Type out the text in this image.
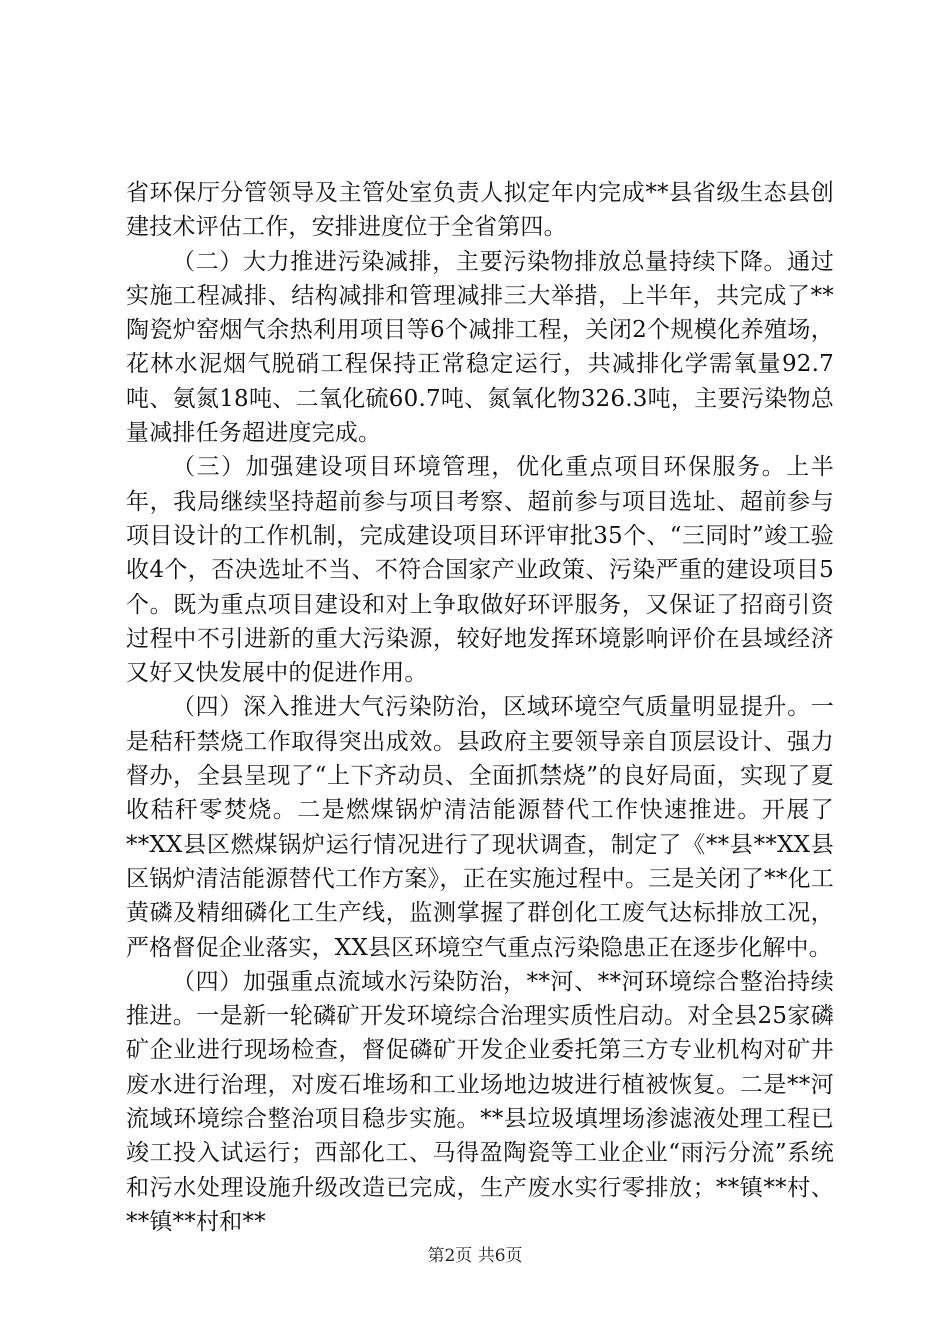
省环保厅分管领导及主管处室负责人拟定年内完成**县省级生态县创建技术评估工作，安排进度位于全省第四。

（二）大力推进污染减排，主要污染物排放总量持续下降。通过实施工程减排、结构减排和管理减排三大举措，上半年，共完成了**陶瓷炉窑烟气余热利用项目等6个减排工程，关闭2个规模化养殖场，花林水泥烟气脱硝工程保持正常稳定运行，共减排化学需氧量92.7吨、氨氮18吨、二氧化硫60.7吨、氮氧化物326.3吨，主要污染物总量减排任务超进度完成。

（三）加强建设项目环境管理，优化重点项目环保服务。上半年，我局继续坚持超前参与项目考察、超前参与项目选址、超前参与项目设计的工作机制，完成建设项目环评审批35个、“三同时”竣工验收4个，否决选址不当、不符合国家产业政策、污染严重的建设项目5个。既为重点项目建设和对上争取做好环评服务，又保证了招商引资过程中不引进新的重大污染源，较好地发挥环境影响评价在县域经济又好又快发展中的促进作用。

（四）深入推进大气污染防治，区域环境空气质量明显提升。一是秸秆禁烧工作取得突出成效。县政府主要领导亲自顶层设计、强力督办，全县呈现了“上下齐动员、全面抓禁烧”的良好局面，实现了夏收秸秆零焚烧。二是燃煤锅炉清洁能源替代工作快速推进。开展了**XX县区燃煤锅炉运行情况进行了现状调查，制定了《**县**XX县区锅炉清洁能源替代工作方案》，正在实施过程中。三是关闭了**化工黄磷及精细磷化工生产线，监测掌握了群创化工废气达标排放工况，严格督促企业落实，XX县区环境空气重点污染隐患正在逐步化解中。

（四）加强重点流域水污染防治，**河、**河环境综合整治持续推进。一是新一轮磷矿开发环境综合治理实质性启动。对全县25家磷矿企业进行现场检查，督促磷矿开发企业委托第三方专业机构对矿井废水进行治理，对废石堆场和工业场地边坡进行植被恢复。二是**河流域环境综合整治项目稳步实施。**县垃圾填埋场渗滤液处理工程已竣工投入试运行；西部化工、马得盈陶瓷等工业企业“雨污分流”系统和污水处理设施升级改造已完成，生产废水实行零排放；**镇**村、**镇**村和**

第2页 共6页
